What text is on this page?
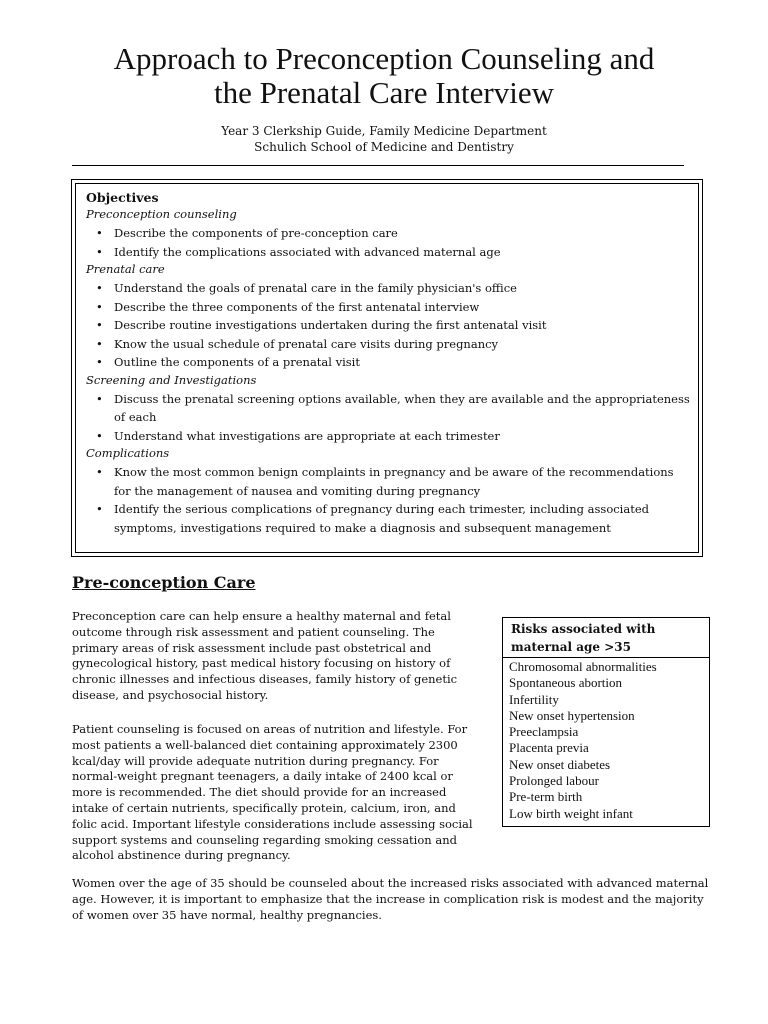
Approach to Preconception Counseling and
the Prenatal Care Interview
Year 3 Clerkship Guide, Family Medicine Department
Schulich School of Medicine and Dentistry

Objectives

Preconception counseling

• Describe the components of pre-conception care
• Identify the complications associated with advanced maternal age

Prenatal care

• Understand the goals of prenatal care in the family physician's office
• Describe the three components of the first antenatal interview
• Describe routine investigations undertaken during the first antenatal visit
• Know the usual schedule of prenatal care visits during pregnancy
• Outline the components of a prenatal visit

Screening and Investigations

• Discuss the prenatal screening options available, when they are available and the appropriateness of each
• Understand what investigations are appropriate at each trimester

Complications

• Know the most common benign complaints in pregnancy and be aware of the recommendations for the management of nausea and vomiting during pregnancy
• Identify the serious complications of pregnancy during each trimester, including associated symptoms, investigations required to make a diagnosis and subsequent management
Pre-conception Care

Preconception care can help ensure a healthy maternal and fetal outcome through risk assessment and patient counseling. The primary areas of risk assessment include past obstetrical and gynecological history, past medical history focusing on history of chronic illnesses and infectious diseases, family history of genetic disease, and psychosocial history.

Patient counseling is focused on areas of nutrition and lifestyle. For most patients a well-balanced diet containing approximately 2300 kcal/day will provide adequate nutrition during pregnancy. For normal-weight pregnant teenagers, a daily intake of 2400 kcal or more is recommended. The diet should provide for an increased intake of certain nutrients, specifically protein, calcium, iron, and folic acid. Important lifestyle considerations include assessing social support systems and counseling regarding smoking cessation and alcohol abstinence during pregnancy.

Risks associated with
maternal age >35
Chromosomal abnormalities
Spontaneous abortion
Infertility
New onset hypertension
Preeclampsia
Placenta previa
New onset diabetes
Prolonged labour
Pre-term birth
Low birth weight infant

Women over the age of 35 should be counseled about the increased risks associated with advanced maternal age. However, it is important to emphasize that the increase in complication risk is modest and the majority of women over 35 have normal, healthy pregnancies.
